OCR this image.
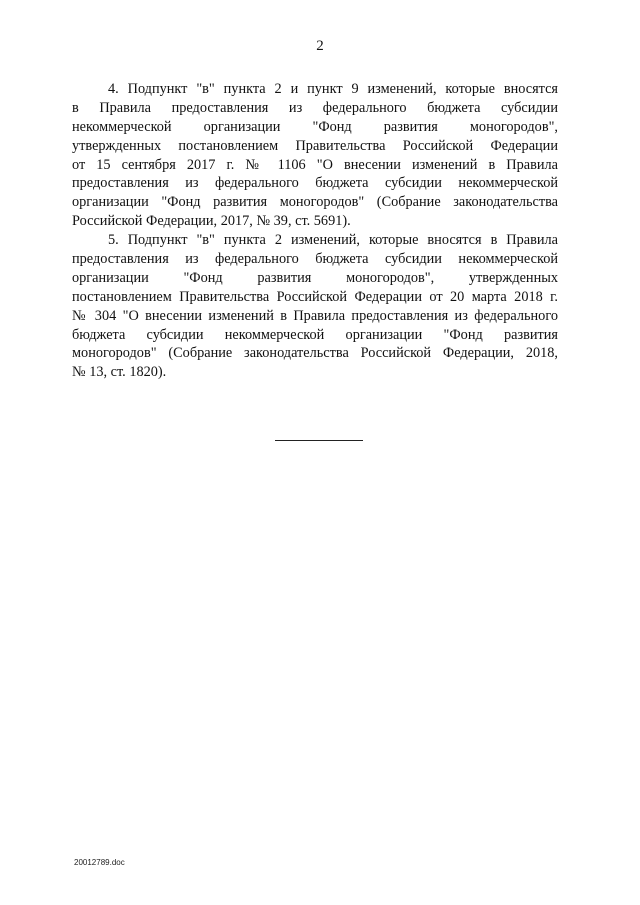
2
4. Подпункт "в" пункта 2 и пункт 9 изменений, которые вносятся
в Правила предоставления из федерального бюджета субсидии
некоммерческой организации "Фонд развития моногородов",
утвержденных постановлением Правительства Российской Федерации
от 15 сентября 2017 г. № 1106 "О внесении изменений в Правила
предоставления из федерального бюджета субсидии некоммерческой
организации "Фонд развития моногородов" (Собрание законодательства
Российской Федерации, 2017, № 39, ст. 5691).
5. Подпункт "в" пункта 2 изменений, которые вносятся в Правила
предоставления из федерального бюджета субсидии некоммерческой
организации "Фонд развития моногородов", утвержденных
постановлением Правительства Российской Федерации от 20 марта 2018 г.
№ 304 "О внесении изменений в Правила предоставления из федерального
бюджета субсидии некоммерческой организации "Фонд развития
моногородов" (Собрание законодательства Российской Федерации, 2018,
№ 13, ст. 1820).
20012789.doc
